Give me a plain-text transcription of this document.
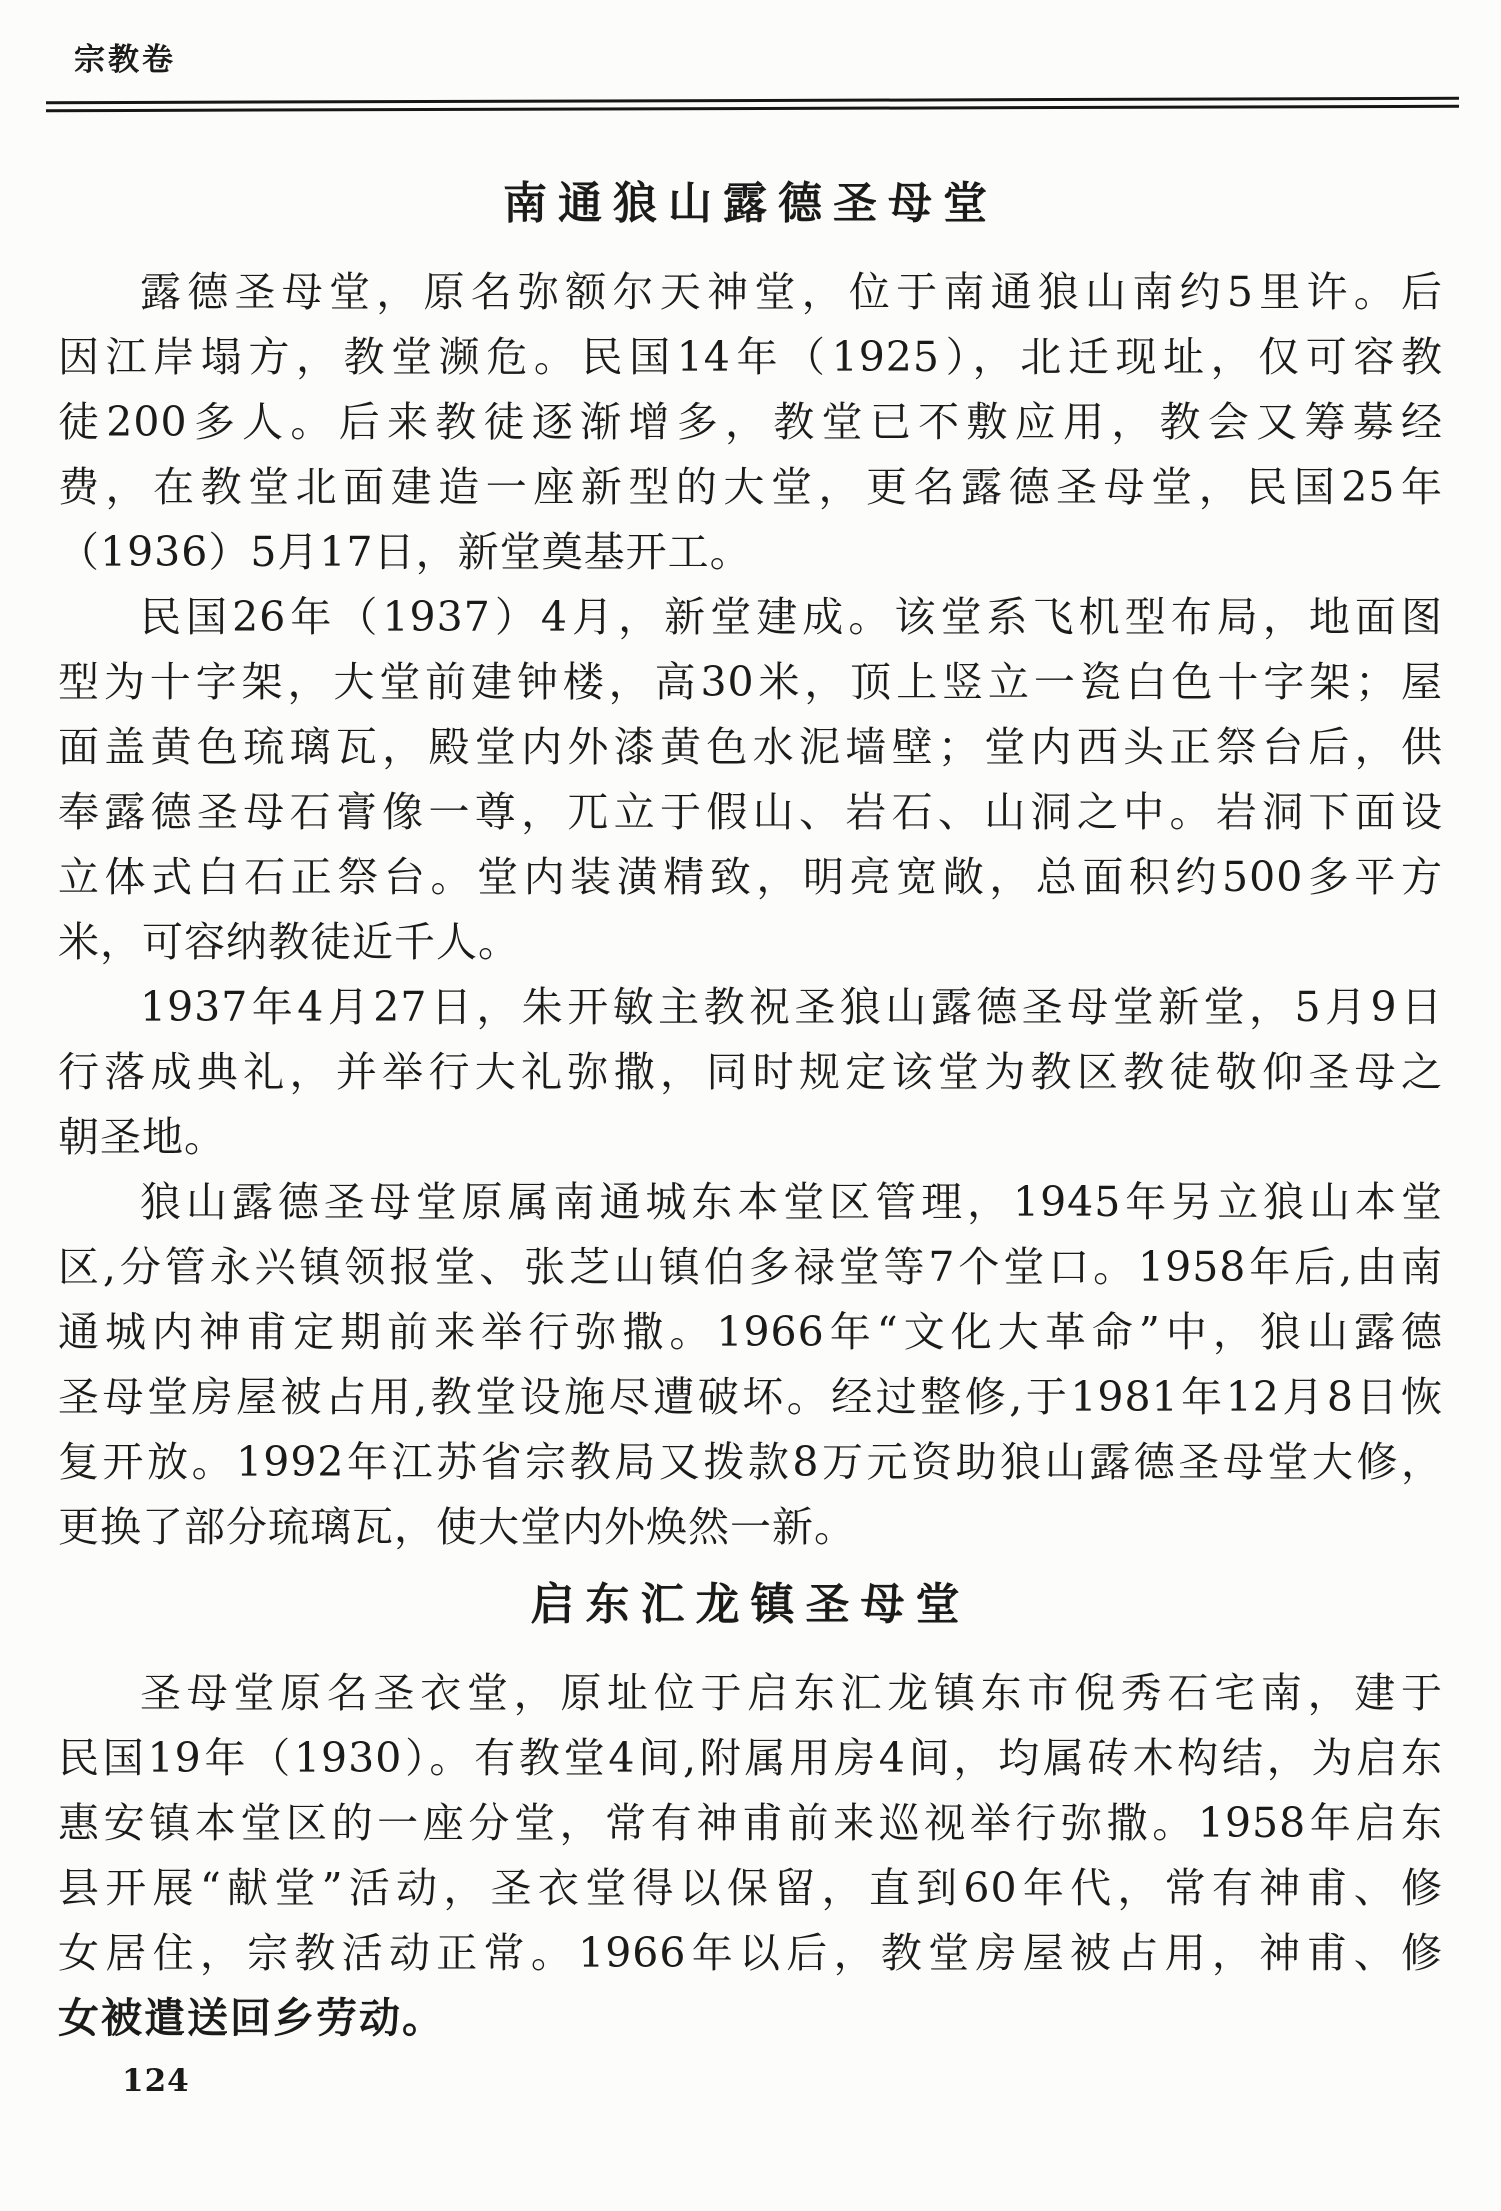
宗教卷
南通狼山露德圣母堂
露德圣母堂，原名弥额尔天神堂，位于南通狼山南约5里许。后
因江岸塌方，教堂濒危。民国14年（1925），北迁现址，仅可容教
徒200多人。后来教徒逐渐增多，教堂已不敷应用，教会又筹募经
费，在教堂北面建造一座新型的大堂，更名露德圣母堂，民国25年
（1936）5月17日，新堂奠基开工。
民国26年（1937）4月，新堂建成。该堂系飞机型布局，地面图
型为十字架，大堂前建钟楼，高30米，顶上竖立一瓷白色十字架；屋
面盖黄色琉璃瓦，殿堂内外漆黄色水泥墙壁；堂内西头正祭台后，供
奉露德圣母石膏像一尊，兀立于假山、岩石、山洞之中。岩洞下面设
立体式白石正祭台。堂内装潢精致，明亮宽敞，总面积约500多平方
米，可容纳教徒近千人。
1937年4月27日，朱开敏主教祝圣狼山露德圣母堂新堂，5月9日
行落成典礼，并举行大礼弥撒，同时规定该堂为教区教徒敬仰圣母之
朝圣地。
狼山露德圣母堂原属南通城东本堂区管理，1945年另立狼山本堂
区,分管永兴镇领报堂、张芝山镇伯多禄堂等7个堂口。1958年后,由南
通城内神甫定期前来举行弥撒。1966年“文化大革命”中，狼山露德
圣母堂房屋被占用,教堂设施尽遭破坏。经过整修,于1981年12月8日恢
复开放。1992年江苏省宗教局又拨款8万元资助狼山露德圣母堂大修，
更换了部分琉璃瓦，使大堂内外焕然一新。
启东汇龙镇圣母堂
圣母堂原名圣衣堂，原址位于启东汇龙镇东市倪秀石宅南，建于
民国19年（1930）。有教堂4间,附属用房4间，均属砖木构结，为启东
惠安镇本堂区的一座分堂，常有神甫前来巡视举行弥撒。1958年启东
县开展“献堂”活动，圣衣堂得以保留，直到60年代，常有神甫、修
女居住，宗教活动正常。1966年以后，教堂房屋被占用，神甫、修
女被遣送回乡劳动。
124
